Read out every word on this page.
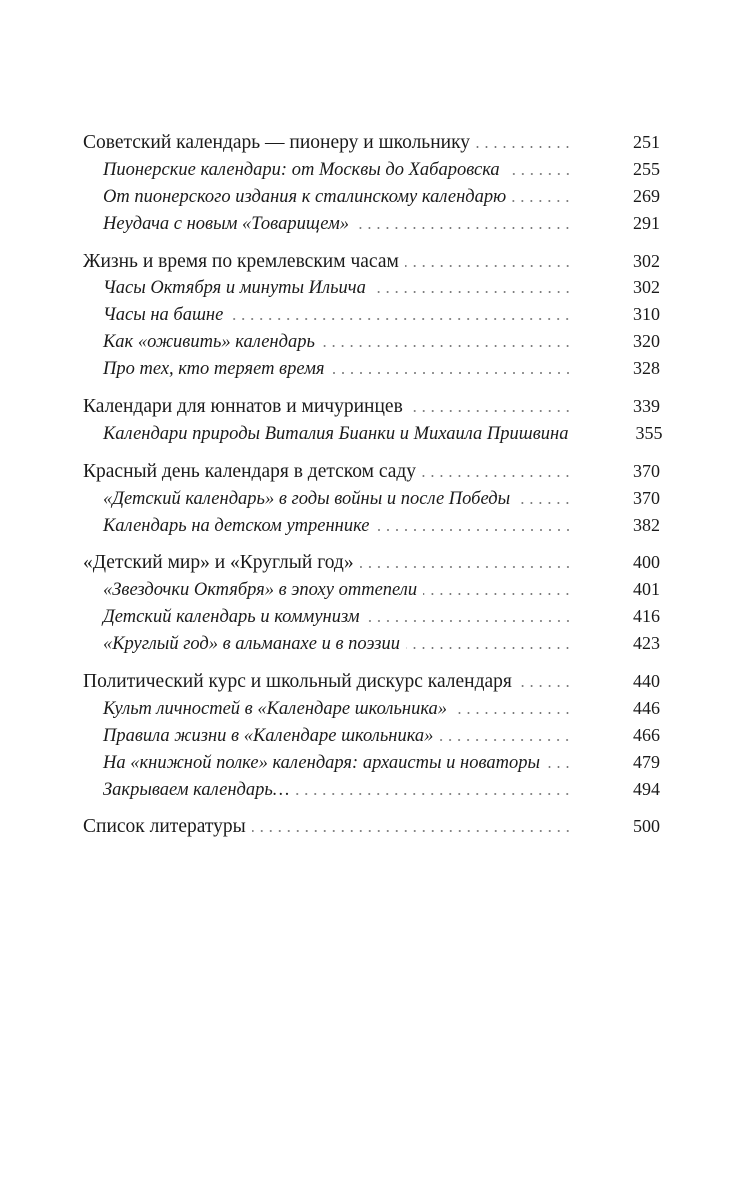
Советский календарь — пионеру и школьнику	251
Пионерские календари: от Москвы до Хабаровска	255
От пионерского издания к сталинскому календарю	269
Неудача с новым «Товарищем»	291
Жизнь и время по кремлевским часам	302
Часы Октября и минуты Ильича	302
Часы на башне	310
Как «оживить» календарь	320
Про тех, кто теряет время	328
Календари для юннатов и мичуринцев	339
Календари природы Виталия Бианки и Михаила Пришвина	355
Красный день календаря в детском саду	370
«Детский календарь» в годы войны и после Победы	370
Календарь на детском утреннике	382
«Детский мир» и «Круглый год»	400
«Звездочки Октября» в эпоху оттепели	401
Детский календарь и коммунизм	416
«Круглый год» в альманахе и в поэзии	423
Политический курс и школьный дискурс календаря	440
Культ личностей в «Календаре школьника»	446
Правила жизни в «Календаре школьника»	466
На «книжной полке» календаря: архаисты и новаторы	479
Закрываем календарь…	494
Список литературы	500
